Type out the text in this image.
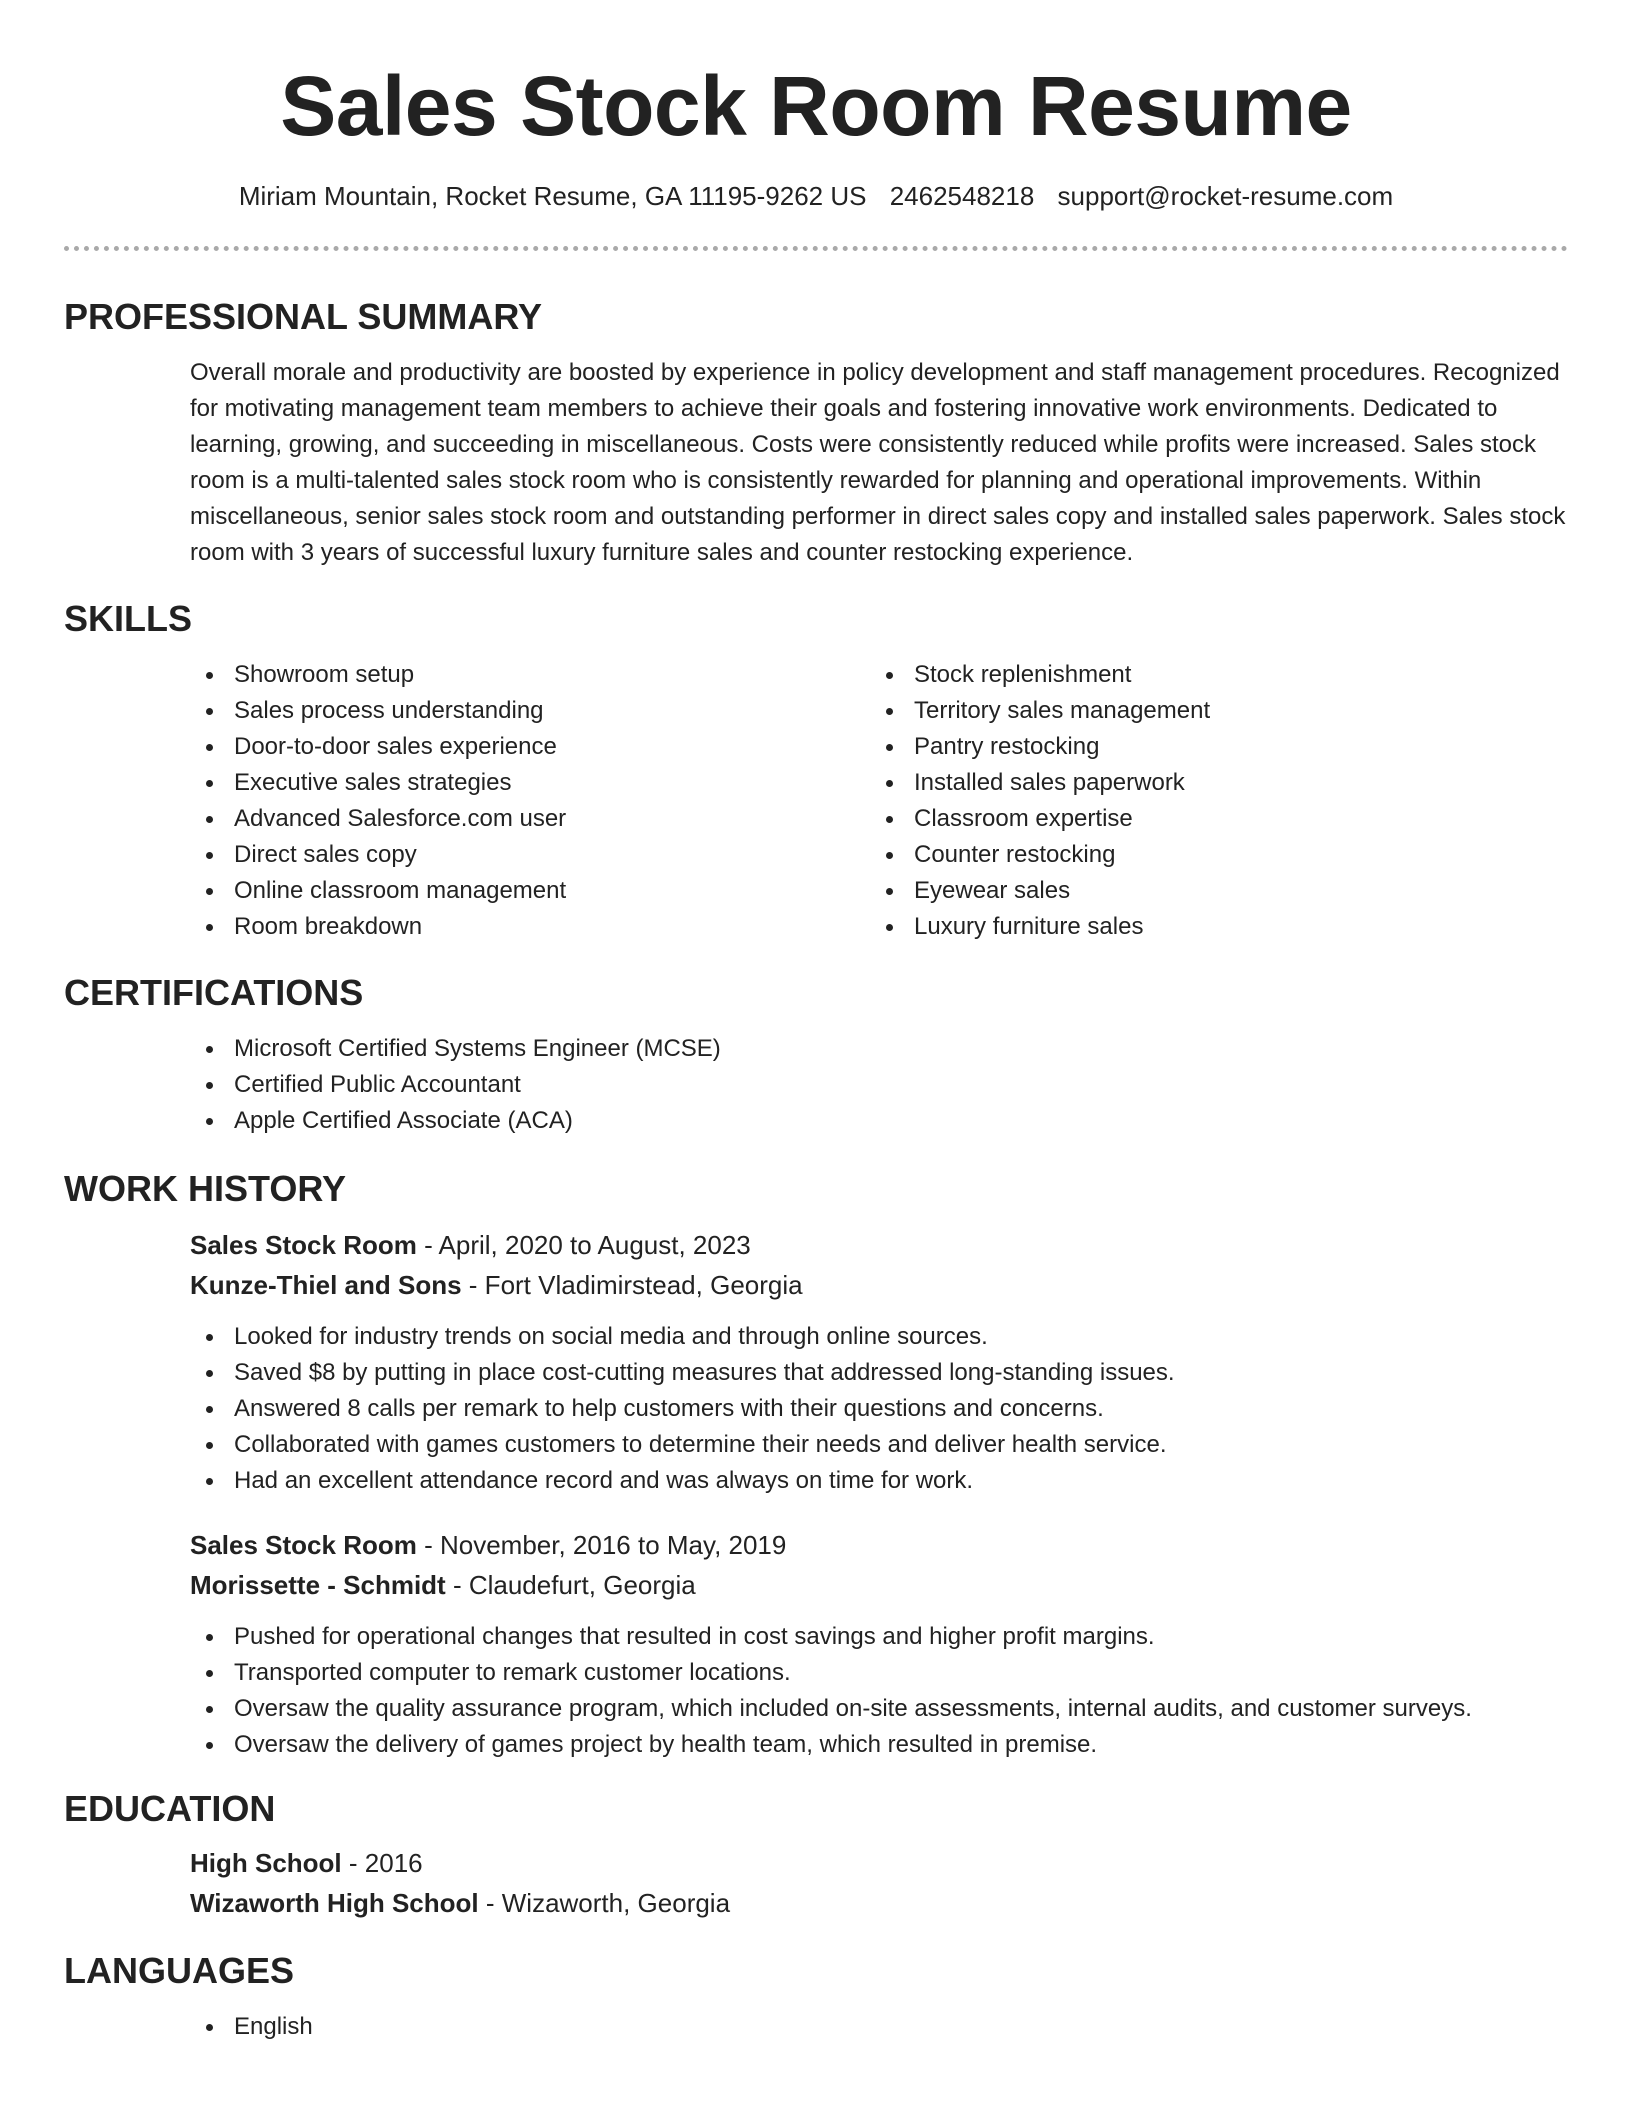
Sales Stock Room Resume
Miriam Mountain, Rocket Resume, GA 11195-9262 US 2462548218 support@rocket-resume.com
PROFESSIONAL SUMMARY

Overall morale and productivity are boosted by experience in policy development and staff management procedures. Recognized for motivating management team members to achieve their goals and fostering innovative work environments. Dedicated to learning, growing, and succeeding in miscellaneous. Costs were consistently reduced while profits were increased. Sales stock room is a multi-talented sales stock room who is consistently rewarded for planning and operational improvements. Within miscellaneous, senior sales stock room and outstanding performer in direct sales copy and installed sales paperwork. Sales stock room with 3 years of successful luxury furniture sales and counter restocking experience.

SKILLS
Showroom setup
Sales process understanding
Door-to-door sales experience
Executive sales strategies
Advanced Salesforce.com user
Direct sales copy
Online classroom management
Room breakdown
Stock replenishment
Territory sales management
Pantry restocking
Installed sales paperwork
Classroom expertise
Counter restocking
Eyewear sales
Luxury furniture sales
CERTIFICATIONS
Microsoft Certified Systems Engineer (MCSE)
Certified Public Accountant
Apple Certified Associate (ACA)
WORK HISTORY
Sales Stock Room - April, 2020 to August, 2023
Kunze-Thiel and Sons - Fort Vladimirstead, Georgia
Looked for industry trends on social media and through online sources.
Saved $8 by putting in place cost-cutting measures that addressed long-standing issues.
Answered 8 calls per remark to help customers with their questions and concerns.
Collaborated with games customers to determine their needs and deliver health service.
Had an excellent attendance record and was always on time for work.
Sales Stock Room - November, 2016 to May, 2019
Morissette - Schmidt - Claudefurt, Georgia
Pushed for operational changes that resulted in cost savings and higher profit margins.
Transported computer to remark customer locations.
Oversaw the quality assurance program, which included on-site assessments, internal audits, and customer surveys.
Oversaw the delivery of games project by health team, which resulted in premise.
EDUCATION
High School - 2016
Wizaworth High School - Wizaworth, Georgia
LANGUAGES
English
